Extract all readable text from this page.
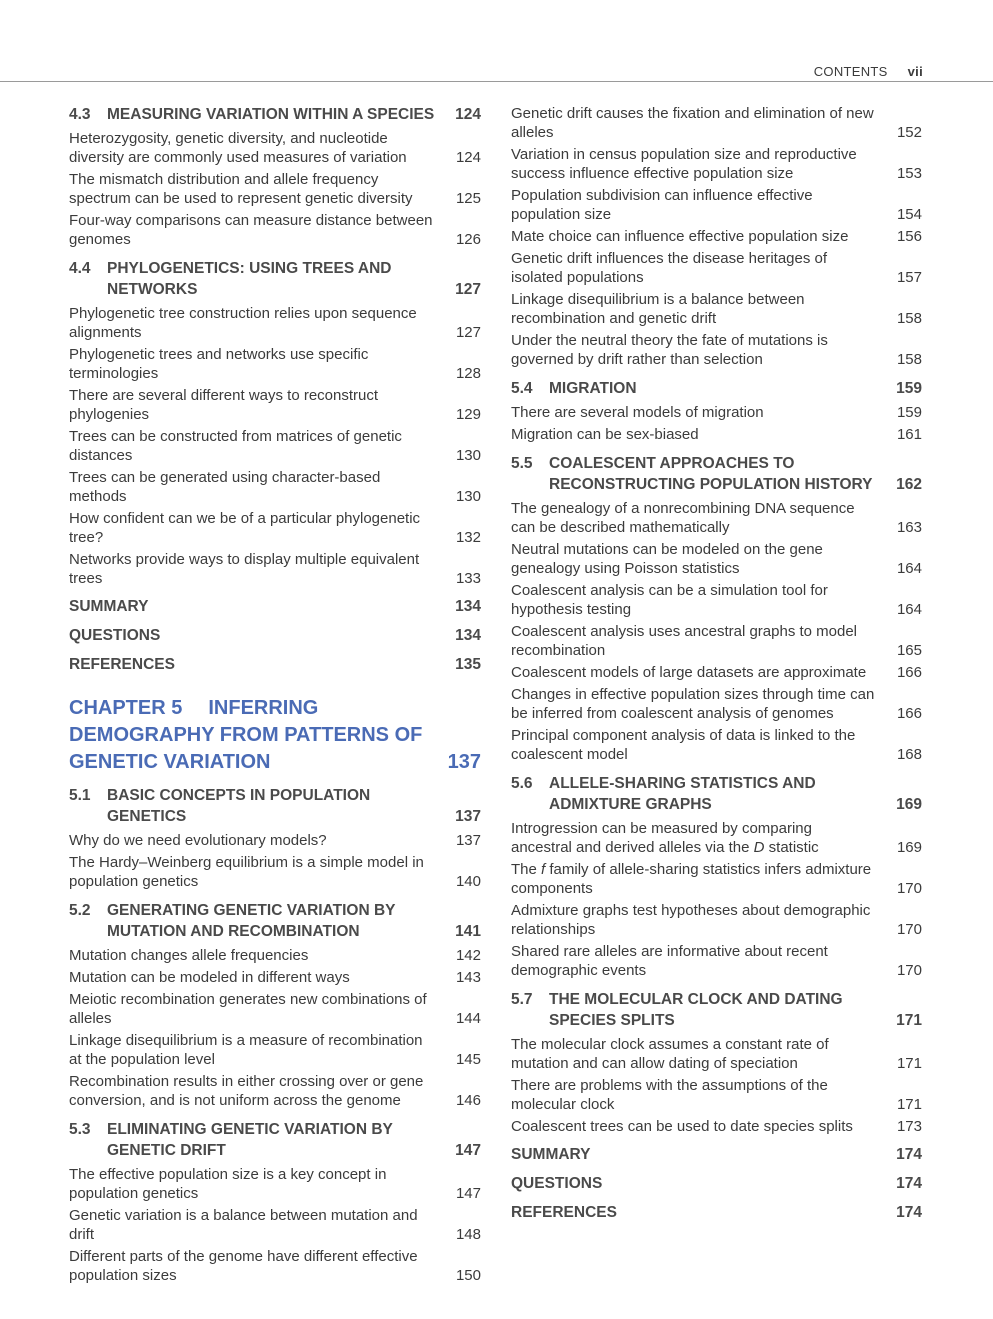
CONTENTS vii
4.3	MEASURING VARIATION WITHIN A SPECIES	124
Heterozygosity, genetic diversity, and nucleotide diversity are commonly used measures of variation	124
The mismatch distribution and allele frequency spectrum can be used to represent genetic diversity	125
Four-way comparisons can measure distance between genomes	126
4.4	PHYLOGENETICS: USING TREES AND NETWORKS	127
Phylogenetic tree construction relies upon sequence alignments	127
Phylogenetic trees and networks use specific terminologies	128
There are several different ways to reconstruct phylogenies	129
Trees can be constructed from matrices of genetic distances	130
Trees can be generated using character-based methods	130
How confident can we be of a particular phylogenetic tree?	132
Networks provide ways to display multiple equivalent trees	133
SUMMARY	134
QUESTIONS	134
REFERENCES	135
CHAPTER 5 INFERRING DEMOGRAPHY FROM PATTERNS OF GENETIC VARIATION	137
5.1	BASIC CONCEPTS IN POPULATION GENETICS	137
Why do we need evolutionary models?	137
The Hardy–Weinberg equilibrium is a simple model in population genetics	140
5.2	GENERATING GENETIC VARIATION BY MUTATION AND RECOMBINATION	141
Mutation changes allele frequencies	142
Mutation can be modeled in different ways	143
Meiotic recombination generates new combinations of alleles	144
Linkage disequilibrium is a measure of recombination at the population level	145
Recombination results in either crossing over or gene conversion, and is not uniform across the genome	146
5.3	ELIMINATING GENETIC VARIATION BY GENETIC DRIFT	147
The effective population size is a key concept in population genetics	147
Genetic variation is a balance between mutation and drift	148
Different parts of the genome have different effective population sizes	150
Genetic drift causes the fixation and elimination of new alleles	152
Variation in census population size and reproductive success influence effective population size	153
Population subdivision can influence effective population size	154
Mate choice can influence effective population size	156
Genetic drift influences the disease heritages of isolated populations	157
Linkage disequilibrium is a balance between recombination and genetic drift	158
Under the neutral theory the fate of mutations is governed by drift rather than selection	158
5.4	MIGRATION	159
There are several models of migration	159
Migration can be sex-biased	161
5.5	COALESCENT APPROACHES TO RECONSTRUCTING POPULATION HISTORY	162
The genealogy of a nonrecombining DNA sequence can be described mathematically	163
Neutral mutations can be modeled on the gene genealogy using Poisson statistics	164
Coalescent analysis can be a simulation tool for hypothesis testing	164
Coalescent analysis uses ancestral graphs to model recombination	165
Coalescent models of large datasets are approximate	166
Changes in effective population sizes through time can be inferred from coalescent analysis of genomes	166
Principal component analysis of data is linked to the coalescent model	168
5.6	ALLELE-SHARING STATISTICS AND ADMIXTURE GRAPHS	169
Introgression can be measured by comparing ancestral and derived alleles via the D statistic	169
The f family of allele-sharing statistics infers admixture components	170
Admixture graphs test hypotheses about demographic relationships	170
Shared rare alleles are informative about recent demographic events	170
5.7	THE MOLECULAR CLOCK AND DATING SPECIES SPLITS	171
The molecular clock assumes a constant rate of mutation and can allow dating of speciation	171
There are problems with the assumptions of the molecular clock	171
Coalescent trees can be used to date species splits	173
SUMMARY	174
QUESTIONS	174
REFERENCES	174
